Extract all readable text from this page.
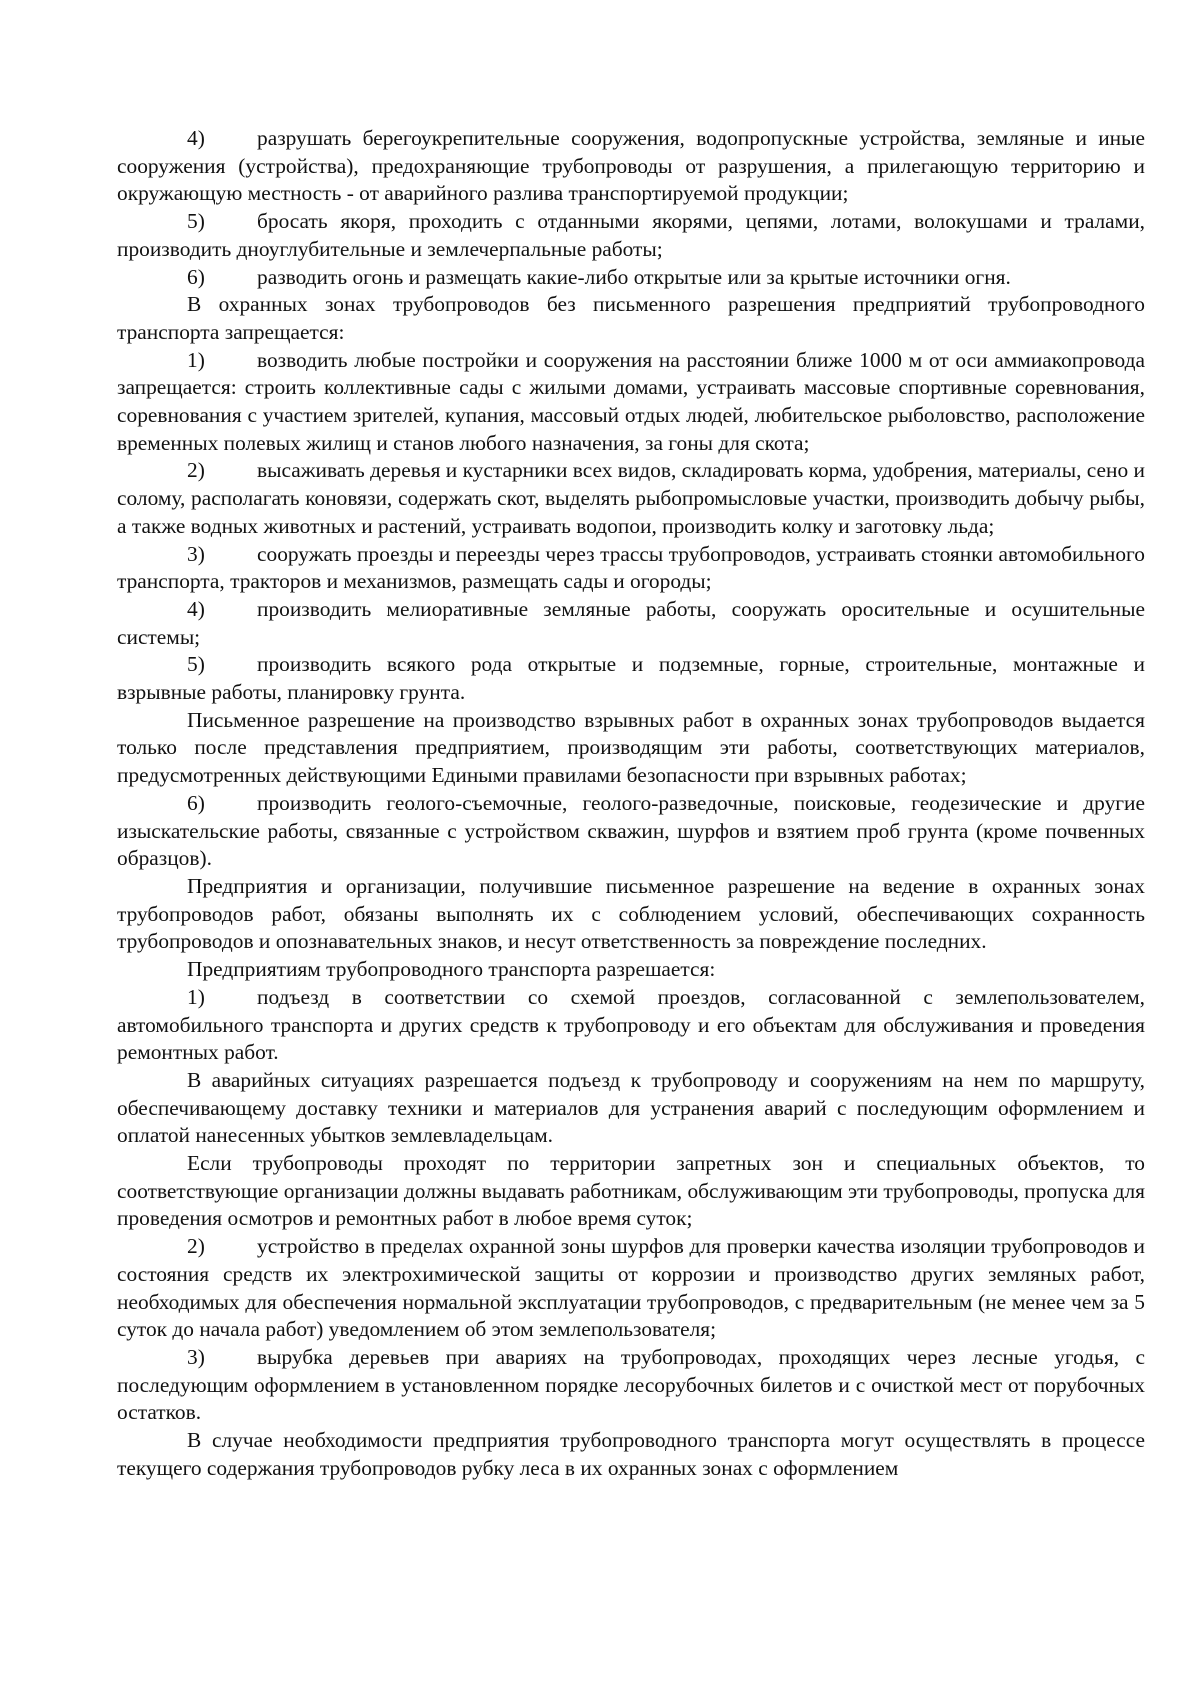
4) разрушать берегоукрепительные сооружения, водопропускные устройства, земляные и иные сооружения (устройства), предохраняющие трубопроводы от разрушения, а прилегающую территорию и окружающую местность - от аварийного разлива транспортируемой продукции;

5) бросать якоря, проходить с отданными якорями, цепями, лотами, волокушами и тралами, производить дноуглубительные и землечерпальные работы;

6) разводить огонь и размещать какие-либо открытые или за крытые источники огня.

В охранных зонах трубопроводов без письменного разрешения предприятий трубопроводного транспорта запрещается:

1) возводить любые постройки и сооружения на расстоянии ближе 1000 м от оси аммиакопровода запрещается: строить коллективные сады с жилыми домами, устраивать массовые спортивные соревнования, соревнования с участием зрителей, купания, массовый отдых людей, любительское рыболовство, расположение временных полевых жилищ и станов любого назначения, за гоны для скота;

2) высаживать деревья и кустарники всех видов, складировать корма, удобрения, материалы, сено и солому, располагать коновязи, содержать скот, выделять рыбопромысловые участки, производить добычу рыбы, а также водных животных и растений, устраивать водопои, производить колку и заготовку льда;

3) сооружать проезды и переезды через трассы трубопроводов, устраивать стоянки автомобильного транспорта, тракторов и механизмов, размещать сады и огороды;

4) производить мелиоративные земляные работы, сооружать оросительные и осушительные системы;

5) производить всякого рода открытые и подземные, горные, строительные, монтажные и взрывные работы, планировку грунта.

Письменное разрешение на производство взрывных работ в охранных зонах трубопроводов выдается только после представления предприятием, производящим эти работы, соответствующих материалов, предусмотренных действующими Едиными правилами безопасности при взрывных работах;

6) производить геолого-съемочные, геолого-разведочные, поисковые, геодезические и другие изыскательские работы, связанные с устройством скважин, шурфов и взятием проб грунта (кроме почвенных образцов).

Предприятия и организации, получившие письменное разрешение на ведение в охранных зонах трубопроводов работ, обязаны выполнять их с соблюдением условий, обеспечивающих сохранность трубопроводов и опознавательных знаков, и несут ответственность за повреждение последних.

Предприятиям трубопроводного транспорта разрешается:

1) подъезд в соответствии со схемой проездов, согласованной с землепользователем, автомобильного транспорта и других средств к трубопроводу и его объектам для обслуживания и проведения ремонтных работ.

В аварийных ситуациях разрешается подъезд к трубопроводу и сооружениям на нем по маршруту, обеспечивающему доставку техники и материалов для устранения аварий с последующим оформлением и оплатой нанесенных убытков землевладельцам.

Если трубопроводы проходят по территории запретных зон и специальных объектов, то соответствующие организации должны выдавать работникам, обслуживающим эти трубопроводы, пропуска для проведения осмотров и ремонтных работ в любое время суток;

2) устройство в пределах охранной зоны шурфов для проверки качества изоляции трубопроводов и состояния средств их электрохимической защиты от коррозии и производство других земляных работ, необходимых для обеспечения нормальной эксплуатации трубопроводов, с предварительным (не менее чем за 5 суток до начала работ) уведомлением об этом землепользователя;

3) вырубка деревьев при авариях на трубопроводах, проходящих через лесные угодья, с последующим оформлением в установленном порядке лесорубочных билетов и с очисткой мест от порубочных остатков.

В случае необходимости предприятия трубопроводного транспорта могут осуществлять в процессе текущего содержания трубопроводов рубку леса в их охранных зонах с оформлением
